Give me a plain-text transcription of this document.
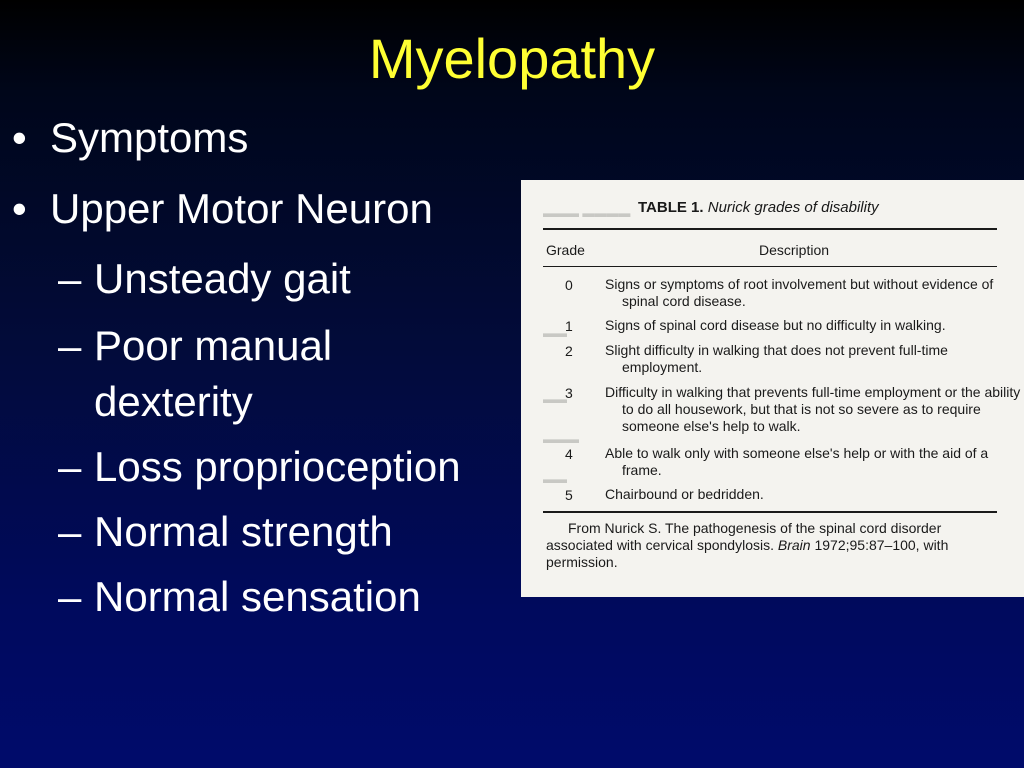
Myelopathy
• Symptoms
• Upper Motor Neuron
– Unsteady gait
– Poor manual
dexterity
– Loss proprioception
– Normal strength
– Normal sensation
▬▬▬▬ ▬▬▬
▬▬
▬▬
▬▬▬
▬▬
TABLE 1. Nurick grades of disability
Grade	Description
0 Signs or symptoms of root involvement but without evidence of spinal cord disease.
1 Signs of spinal cord disease but no difficulty in walking.
2 Slight difficulty in walking that does not prevent full-time employment.
3 Difficulty in walking that prevents full-time employment or the ability to do all housework, but that is not so severe as to require someone else's help to walk.
4 Able to walk only with someone else's help or with the aid of a frame.
5 Chairbound or bedridden.
From Nurick S. The pathogenesis of the spinal cord disorder associated with cervical spondylosis. Brain 1972;95:87–100, with permission.
